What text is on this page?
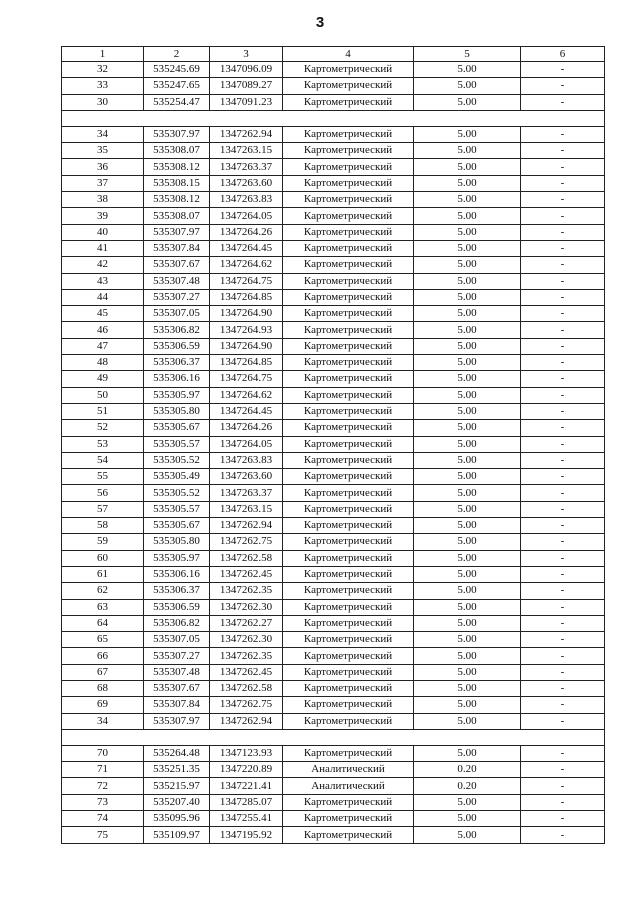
3
1	2	3	4	5	6
32	535245.69	1347096.09	Картометрический	5.00	-
33	535247.65	1347089.27	Картометрический	5.00	-
30	535254.47	1347091.23	Картометрический	5.00	-

34	535307.97	1347262.94	Картометрический	5.00	-
35	535308.07	1347263.15	Картометрический	5.00	-
36	535308.12	1347263.37	Картометрический	5.00	-
37	535308.15	1347263.60	Картометрический	5.00	-
38	535308.12	1347263.83	Картометрический	5.00	-
39	535308.07	1347264.05	Картометрический	5.00	-
40	535307.97	1347264.26	Картометрический	5.00	-
41	535307.84	1347264.45	Картометрический	5.00	-
42	535307.67	1347264.62	Картометрический	5.00	-
43	535307.48	1347264.75	Картометрический	5.00	-
44	535307.27	1347264.85	Картометрический	5.00	-
45	535307.05	1347264.90	Картометрический	5.00	-
46	535306.82	1347264.93	Картометрический	5.00	-
47	535306.59	1347264.90	Картометрический	5.00	-
48	535306.37	1347264.85	Картометрический	5.00	-
49	535306.16	1347264.75	Картометрический	5.00	-
50	535305.97	1347264.62	Картометрический	5.00	-
51	535305.80	1347264.45	Картометрический	5.00	-
52	535305.67	1347264.26	Картометрический	5.00	-
53	535305.57	1347264.05	Картометрический	5.00	-
54	535305.52	1347263.83	Картометрический	5.00	-
55	535305.49	1347263.60	Картометрический	5.00	-
56	535305.52	1347263.37	Картометрический	5.00	-
57	535305.57	1347263.15	Картометрический	5.00	-
58	535305.67	1347262.94	Картометрический	5.00	-
59	535305.80	1347262.75	Картометрический	5.00	-
60	535305.97	1347262.58	Картометрический	5.00	-
61	535306.16	1347262.45	Картометрический	5.00	-
62	535306.37	1347262.35	Картометрический	5.00	-
63	535306.59	1347262.30	Картометрический	5.00	-
64	535306.82	1347262.27	Картометрический	5.00	-
65	535307.05	1347262.30	Картометрический	5.00	-
66	535307.27	1347262.35	Картометрический	5.00	-
67	535307.48	1347262.45	Картометрический	5.00	-
68	535307.67	1347262.58	Картометрический	5.00	-
69	535307.84	1347262.75	Картометрический	5.00	-
34	535307.97	1347262.94	Картометрический	5.00	-

70	535264.48	1347123.93	Картометрический	5.00	-
71	535251.35	1347220.89	Аналитический	0.20	-
72	535215.97	1347221.41	Аналитический	0.20	-
73	535207.40	1347285.07	Картометрический	5.00	-
74	535095.96	1347255.41	Картометрический	5.00	-
75	535109.97	1347195.92	Картометрический	5.00	-
